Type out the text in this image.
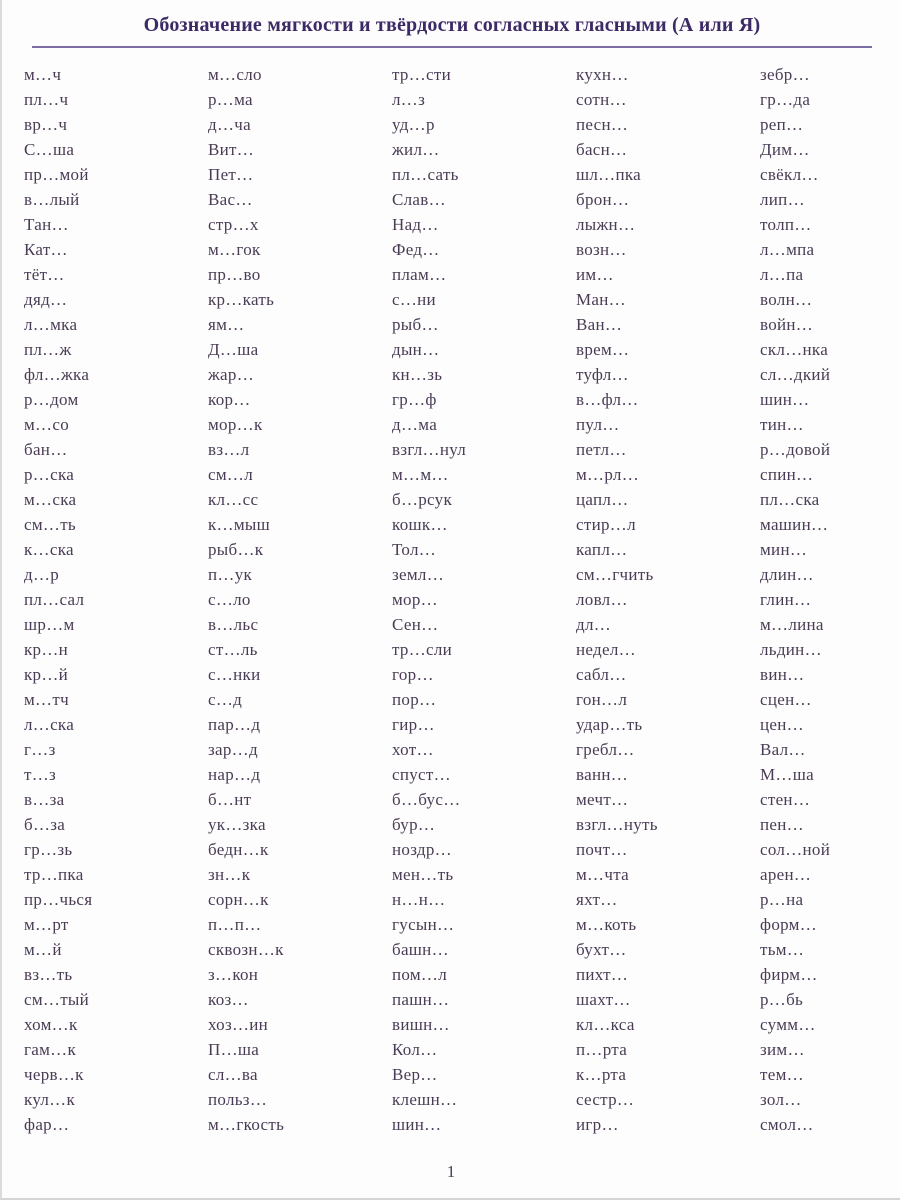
Обозначение мягкости и твёрдости согласных гласными (А или Я)
м…ч
пл…ч
вр…ч
С…ша
пр…мой
в…лый
Тан…
Кат…
тёт…
дяд…
л…мка
пл…ж
фл…жка
р…дом
м…со
бан…
р…ска
м…ска
см…ть
к…ска
д…р
пл…сал
шр…м
кр…н
кр…й
м…тч
л…ска
г…з
т…з
в…за
б…за
гр…зь
тр…пка
пр…чься
м…рт
м…й
вз…ть
см…тый
хом…к
гам…к
черв…к
кул…к
фар…
м…сло
р…ма
д…ча
Вит…
Пет…
Вас…
стр…х
м…гок
пр…во
кр…кать
ям…
Д…ша
жар…
кор…
мор…к
вз…л
см…л
кл…сс
к…мыш
рыб…к
п…ук
с…ло
в…льс
ст…ль
с…нки
с…д
пар…д
зар…д
нар…д
б…нт
ук…зка
бедн…к
зн…к
сорн…к
п…п…
сквозн…к
з…кон
коз…
хоз…ин
П…ша
сл…ва
польз…
м…гкость
тр…сти
л…з
уд…р
жил…
пл…сать
Слав…
Над…
Фед…
плам…
с…ни
рыб…
дын…
кн…зь
гр…ф
д…ма
взгл…нул
м…м…
б…рсук
кошк…
Тол…
земл…
мор…
Сен…
тр…сли
гор…
пор…
гир…
хот…
спуст…
б…бус…
бур…
ноздр…
мен…ть
н…н…
гусын…
башн…
пом…л
пашн…
вишн…
Кол…
Вер…
клешн…
шин…
кухн…
сотн…
песн…
басн…
шл…пка
брон…
лыжн…
возн…
им…
Ман…
Ван…
врем…
туфл…
в…фл…
пул…
петл…
м…рл…
цапл…
стир…л
капл…
см…гчить
ловл…
дл…
недел…
сабл…
гон…л
удар…ть
гребл…
ванн…
мечт…
взгл…нуть
почт…
м…чта
яхт…
м…коть
бухт…
пихт…
шахт…
кл…кса
п…рта
к…рта
сестр…
игр…
зебр…
гр…да
реп…
Дим…
свёкл…
лип…
толп…
л…мпа
л…па
волн…
войн…
скл…нка
сл…дкий
шин…
тин…
р…довой
спин…
пл…ска
машин…
мин…
длин…
глин…
м…лина
льдин…
вин…
сцен…
цен…
Вал…
М…ша
стен…
пен…
сол…ной
арен…
р…на
форм…
тьм…
фирм…
р…бь
сумм…
зим…
тем…
зол…
смол…
1
